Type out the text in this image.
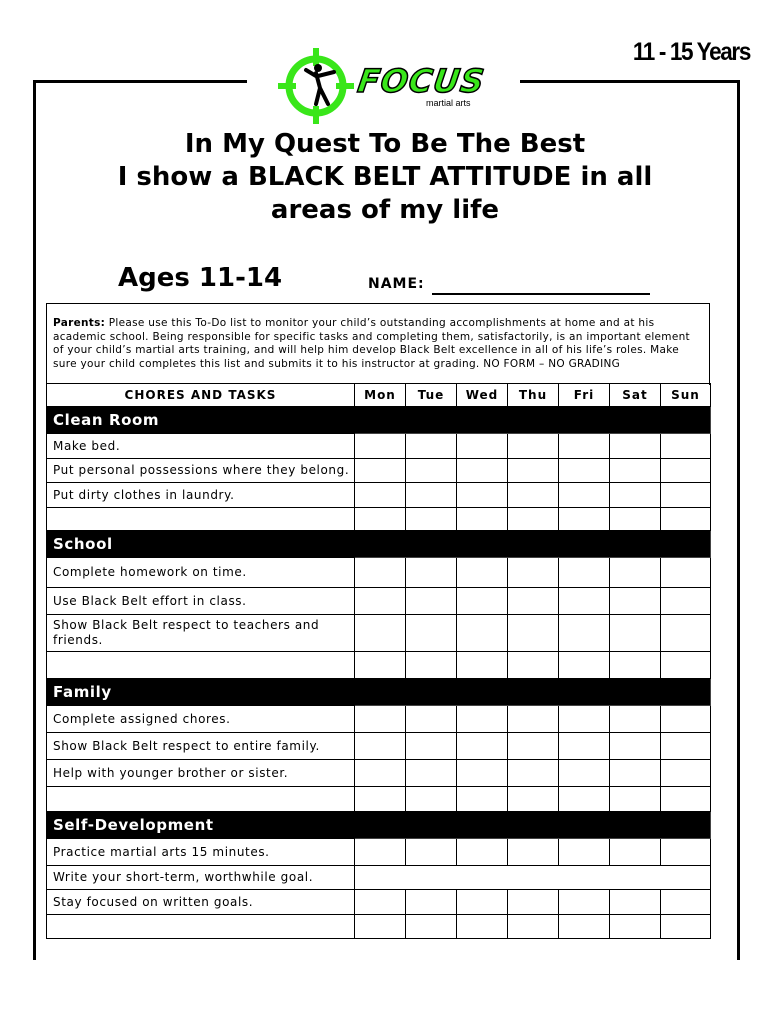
11 - 15 Years
FOCUS
martial arts
In My Quest To Be The Best
I show a BLACK BELT ATTITUDE in all
areas of my life
Ages 11-14	NAME:
Parents: Please use this To-Do list to monitor your child’s outstanding accomplishments at home and at his academic school. Being responsible for specific tasks and completing them, satisfactorily, is an important element of your child’s martial arts training, and will help him develop Black Belt excellence in all of his life’s roles. Make sure your child completes this list and submits it to his instructor at grading. NO FORM – NO GRADING
CHORES AND TASKS	Mon	Tue	Wed	Thu	Fri	Sat	Sun
Clean Room							
Make bed.							
Put personal possessions where they belong.							
Put dirty clothes in laundry.							

School							
Complete homework on time.							
Use Black Belt effort in class.							
Show Black Belt respect to teachers and friends.							

Family							
Complete assigned chores.							
Show Black Belt respect to entire family.							
Help with younger brother or sister.							

Self-Development							
Practice martial arts 15 minutes.							
Write your short-term, worthwhile goal.							
Stay focused on written goals.							
